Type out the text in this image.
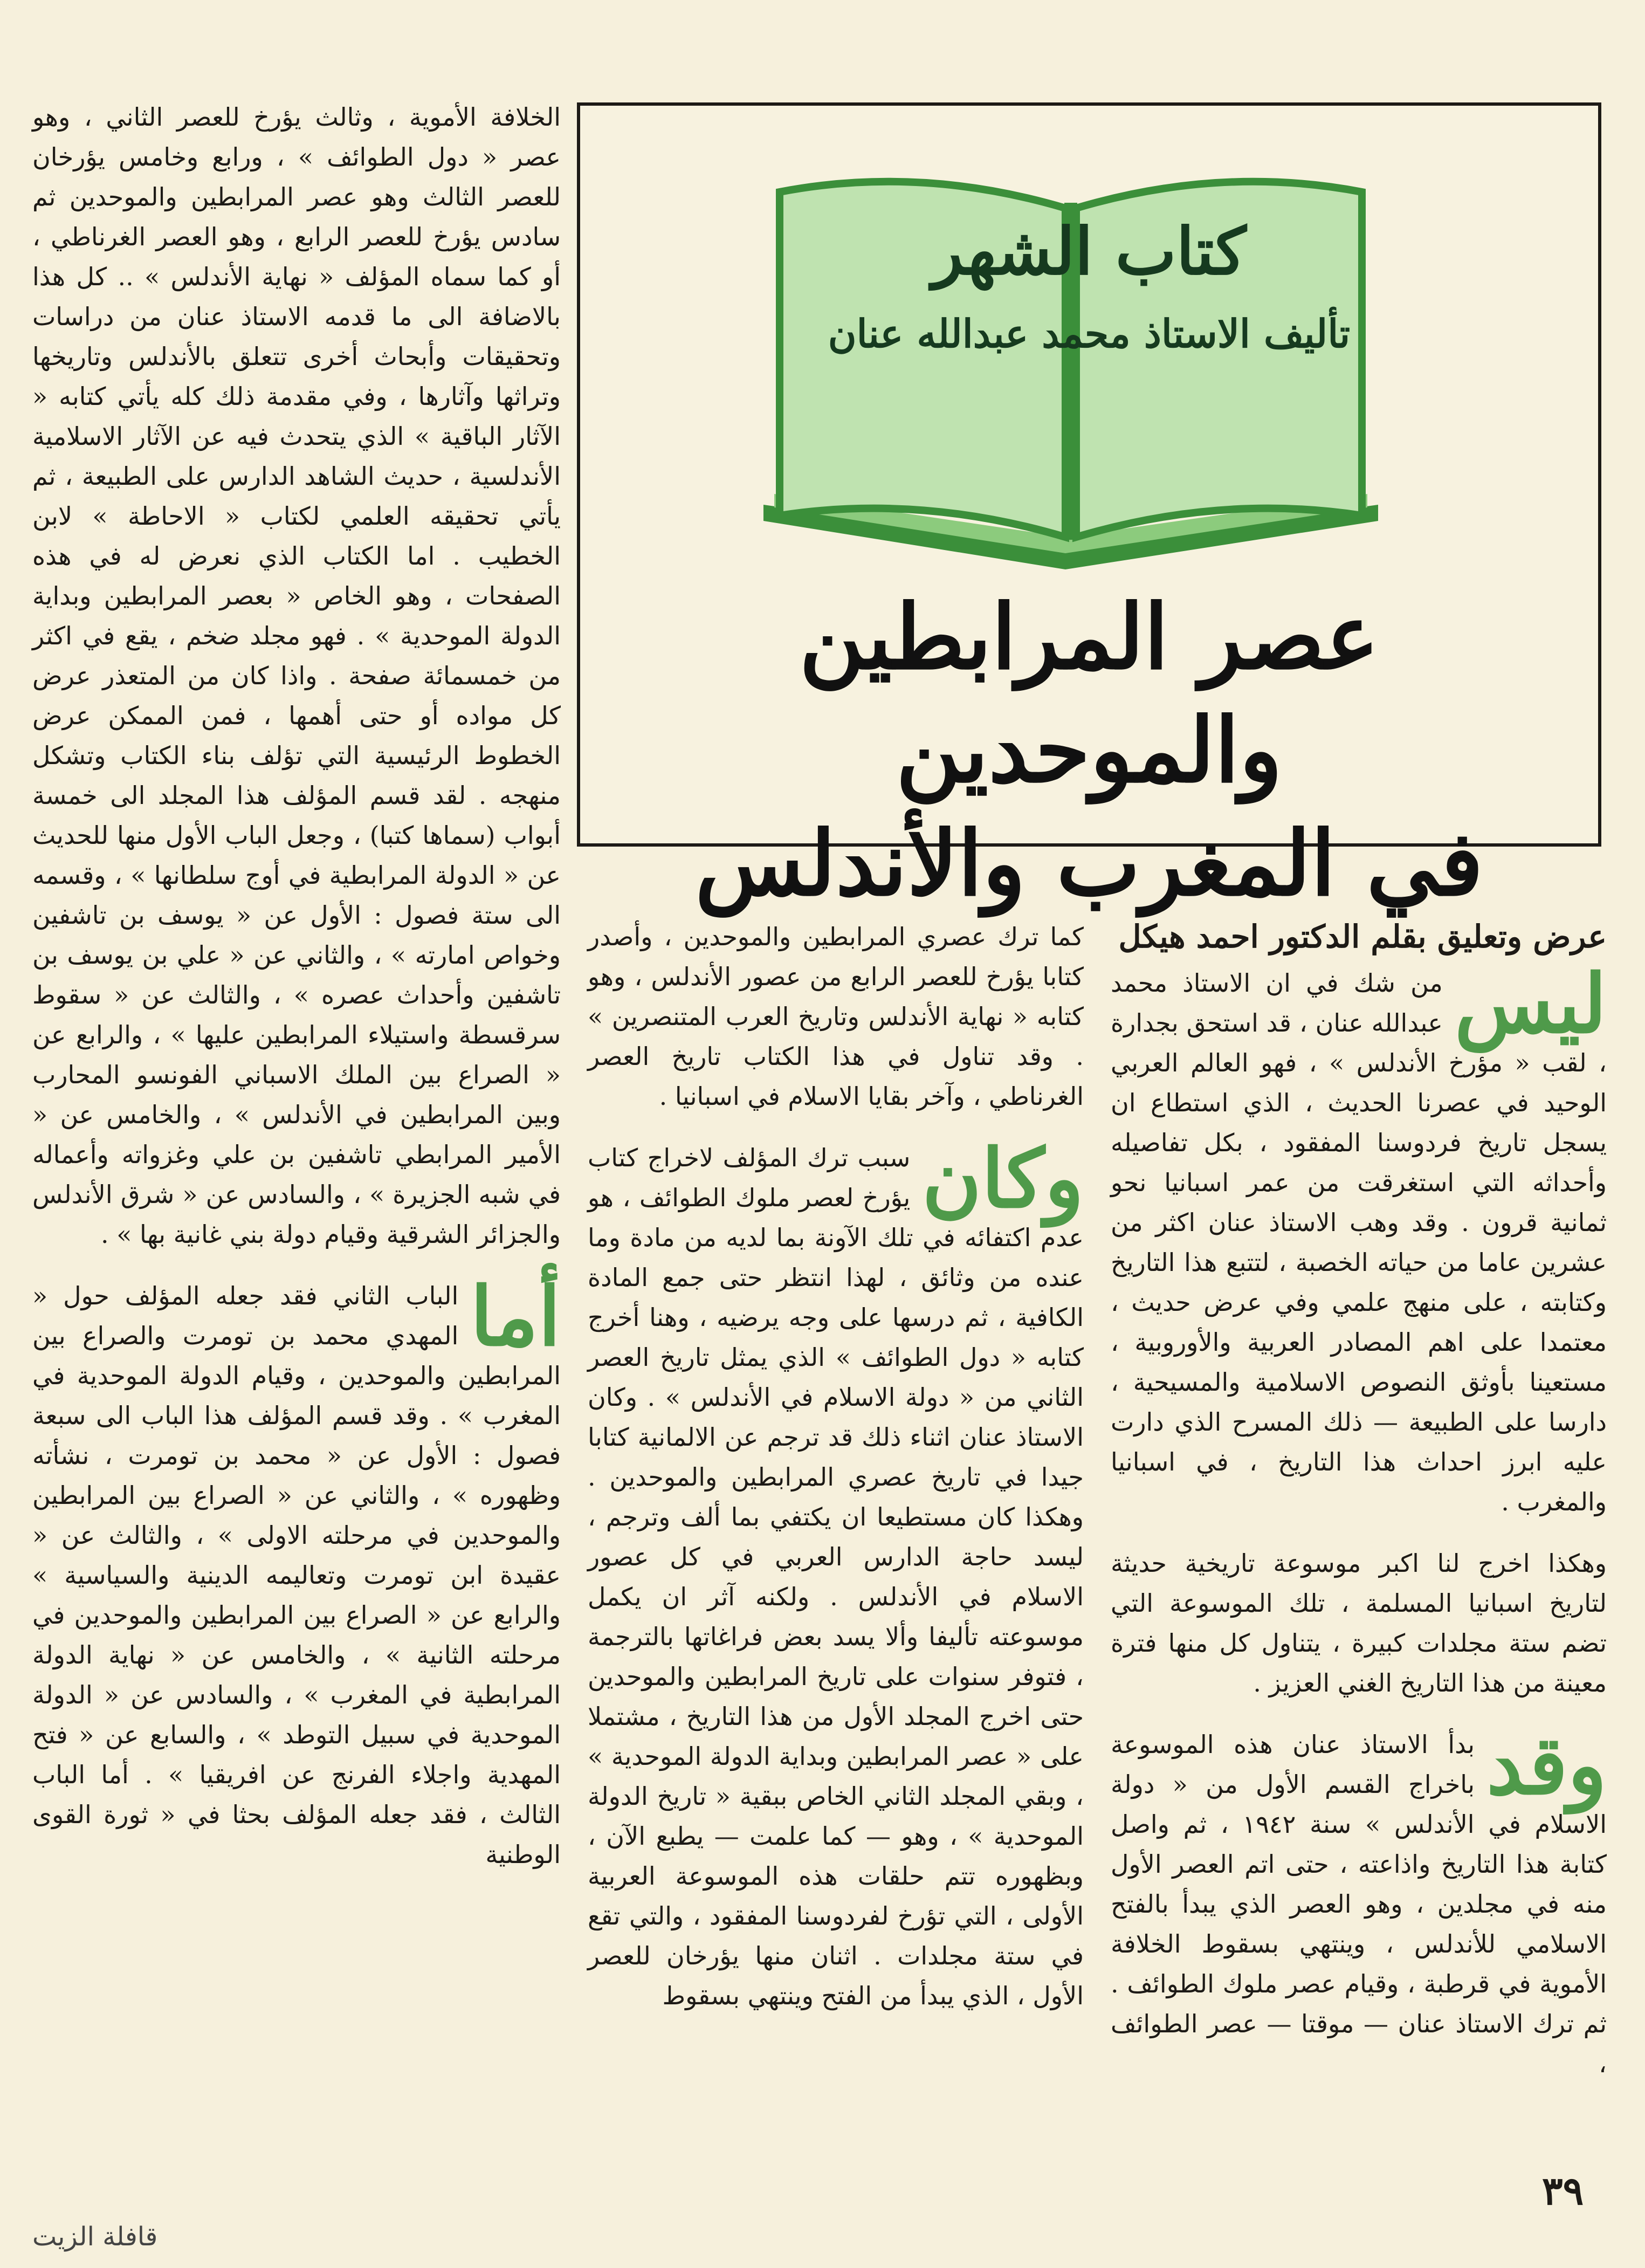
كتاب الشهر
تأليف الاستاذ محمد عبدالله عنان
عصر المرابطين والموحدين
في المغرب والأندلس
عرض وتعليق بقلم الدكتور احمد هيكل
ليس

من شك في ان الاستاذ محمد عبدالله عنان ، قد استحق بجدارة ، لقب « مؤرخ الأندلس » ، فهو العالم العربي الوحيد في عصرنا الحديث ، الذي استطاع ان يسجل تاريخ فردوسنا المفقود ، بكل تفاصيله وأحداثه التي استغرقت من عمر اسبانيا نحو ثمانية قرون . وقد وهب الاستاذ عنان اكثر من عشرين عاما من حياته الخصبة ، لتتبع هذا التاريخ وكتابته ، على منهج علمي وفي عرض حديث ، معتمدا على اهم المصادر العربية والأوروبية ، مستعينا بأوثق النصوص الاسلامية والمسيحية ، دارسا على الطبيعة — ذلك المسرح الذي دارت عليه ابرز احداث هذا التاريخ ، في اسبانيا والمغرب .

وهكذا اخرج لنا اكبر موسوعة تاريخية حديثة لتاريخ اسبانيا المسلمة ، تلك الموسوعة التي تضم ستة مجلدات كبيرة ، يتناول كل منها فترة معينة من هذا التاريخ الغني العزيز .

وقد

بدأ الاستاذ عنان هذه الموسوعة باخراج القسم الأول من « دولة الاسلام في الأندلس » سنة ١٩٤٢ ، ثم واصل كتابة هذا التاريخ واذاعته ، حتى اتم العصر الأول منه في مجلدين ، وهو العصر الذي يبدأ بالفتح الاسلامي للأندلس ، وينتهي بسقوط الخلافة الأموية في قرطبة ، وقيام عصر ملوك الطوائف . ثم ترك الاستاذ عنان — موقتا — عصر الطوائف ،

كما ترك عصري المرابطين والموحدين ، وأصدر كتابا يؤرخ للعصر الرابع من عصور الأندلس ، وهو كتابه « نهاية الأندلس وتاريخ العرب المتنصرين » . وقد تناول في هذا الكتاب تاريخ العصر الغرناطي ، وآخر بقايا الاسلام في اسبانيا .

وكان

سبب ترك المؤلف لاخراج كتاب يؤرخ لعصر ملوك الطوائف ، هو عدم اكتفائه في تلك الآونة بما لديه من مادة وما عنده من وثائق ، لهذا انتظر حتى جمع المادة الكافية ، ثم درسها على وجه يرضيه ، وهنا أخرج كتابه « دول الطوائف » الذي يمثل تاريخ العصر الثاني من « دولة الاسلام في الأندلس » . وكان الاستاذ عنان اثناء ذلك قد ترجم عن الالمانية كتابا جيدا في تاريخ عصري المرابطين والموحدين . وهكذا كان مستطيعا ان يكتفي بما ألف وترجم ، ليسد حاجة الدارس العربي في كل عصور الاسلام في الأندلس . ولكنه آثر ان يكمل موسوعته تأليفا وألا يسد بعض فراغاتها بالترجمة ، فتوفر سنوات على تاريخ المرابطين والموحدين حتى اخرج المجلد الأول من هذا التاريخ ، مشتملا على « عصر المرابطين وبداية الدولة الموحدية » ، وبقي المجلد الثاني الخاص ببقية « تاريخ الدولة الموحدية » ، وهو — كما علمت — يطبع الآن ، وبظهوره تتم حلقات هذه الموسوعة العربية الأولى ، التي تؤرخ لفردوسنا المفقود ، والتي تقع في ستة مجلدات . اثنان منها يؤرخان للعصر الأول ، الذي يبدأ من الفتح وينتهي بسقوط

الخلافة الأموية ، وثالث يؤرخ للعصر الثاني ، وهو عصر « دول الطوائف » ، ورابع وخامس يؤرخان للعصر الثالث وهو عصر المرابطين والموحدين ثم سادس يؤرخ للعصر الرابع ، وهو العصر الغرناطي ، أو كما سماه المؤلف « نهاية الأندلس » .. كل هذا بالاضافة الى ما قدمه الاستاذ عنان من دراسات وتحقيقات وأبحاث أخرى تتعلق بالأندلس وتاريخها وتراثها وآثارها ، وفي مقدمة ذلك كله يأتي كتابه « الآثار الباقية » الذي يتحدث فيه عن الآثار الاسلامية الأندلسية ، حديث الشاهد الدارس على الطبيعة ، ثم يأتي تحقيقه العلمي لكتاب « الاحاطة » لابن الخطيب . اما الكتاب الذي نعرض له في هذه الصفحات ، وهو الخاص « بعصر المرابطين وبداية الدولة الموحدية » . فهو مجلد ضخم ، يقع في اكثر من خمسمائة صفحة . واذا كان من المتعذر عرض كل مواده أو حتى أهمها ، فمن الممكن عرض الخطوط الرئيسية التي تؤلف بناء الكتاب وتشكل منهجه . لقد قسم المؤلف هذا المجلد الى خمسة أبواب (سماها كتبا) ، وجعل الباب الأول منها للحديث عن « الدولة المرابطية في أوج سلطانها » ، وقسمه الى ستة فصول : الأول عن « يوسف بن تاشفين وخواص امارته » ، والثاني عن « علي بن يوسف بن تاشفين وأحداث عصره » ، والثالث عن « سقوط سرقسطة واستيلاء المرابطين عليها » ، والرابع عن « الصراع بين الملك الاسباني الفونسو المحارب وبين المرابطين في الأندلس » ، والخامس عن « الأمير المرابطي تاشفين بن علي وغزواته وأعماله في شبه الجزيرة » ، والسادس عن « شرق الأندلس والجزائر الشرقية وقيام دولة بني غانية بها » .

أما

الباب الثاني فقد جعله المؤلف حول « المهدي محمد بن تومرت والصراع بين المرابطين والموحدين ، وقيام الدولة الموحدية في المغرب » . وقد قسم المؤلف هذا الباب الى سبعة فصول : الأول عن « محمد بن تومرت ، نشأته وظهوره » ، والثاني عن « الصراع بين المرابطين والموحدين في مرحلته الاولى » ، والثالث عن « عقيدة ابن تومرت وتعاليمه الدينية والسياسية » والرابع عن « الصراع بين المرابطين والموحدين في مرحلته الثانية » ، والخامس عن « نهاية الدولة المرابطية في المغرب » ، والسادس عن « الدولة الموحدية في سبيل التوطد » ، والسابع عن « فتح المهدية واجلاء الفرنج عن افريقيا » . أما الباب الثالث ، فقد جعله المؤلف بحثا في « ثورة القوى الوطنية

٣٩
قافلة الزيت
